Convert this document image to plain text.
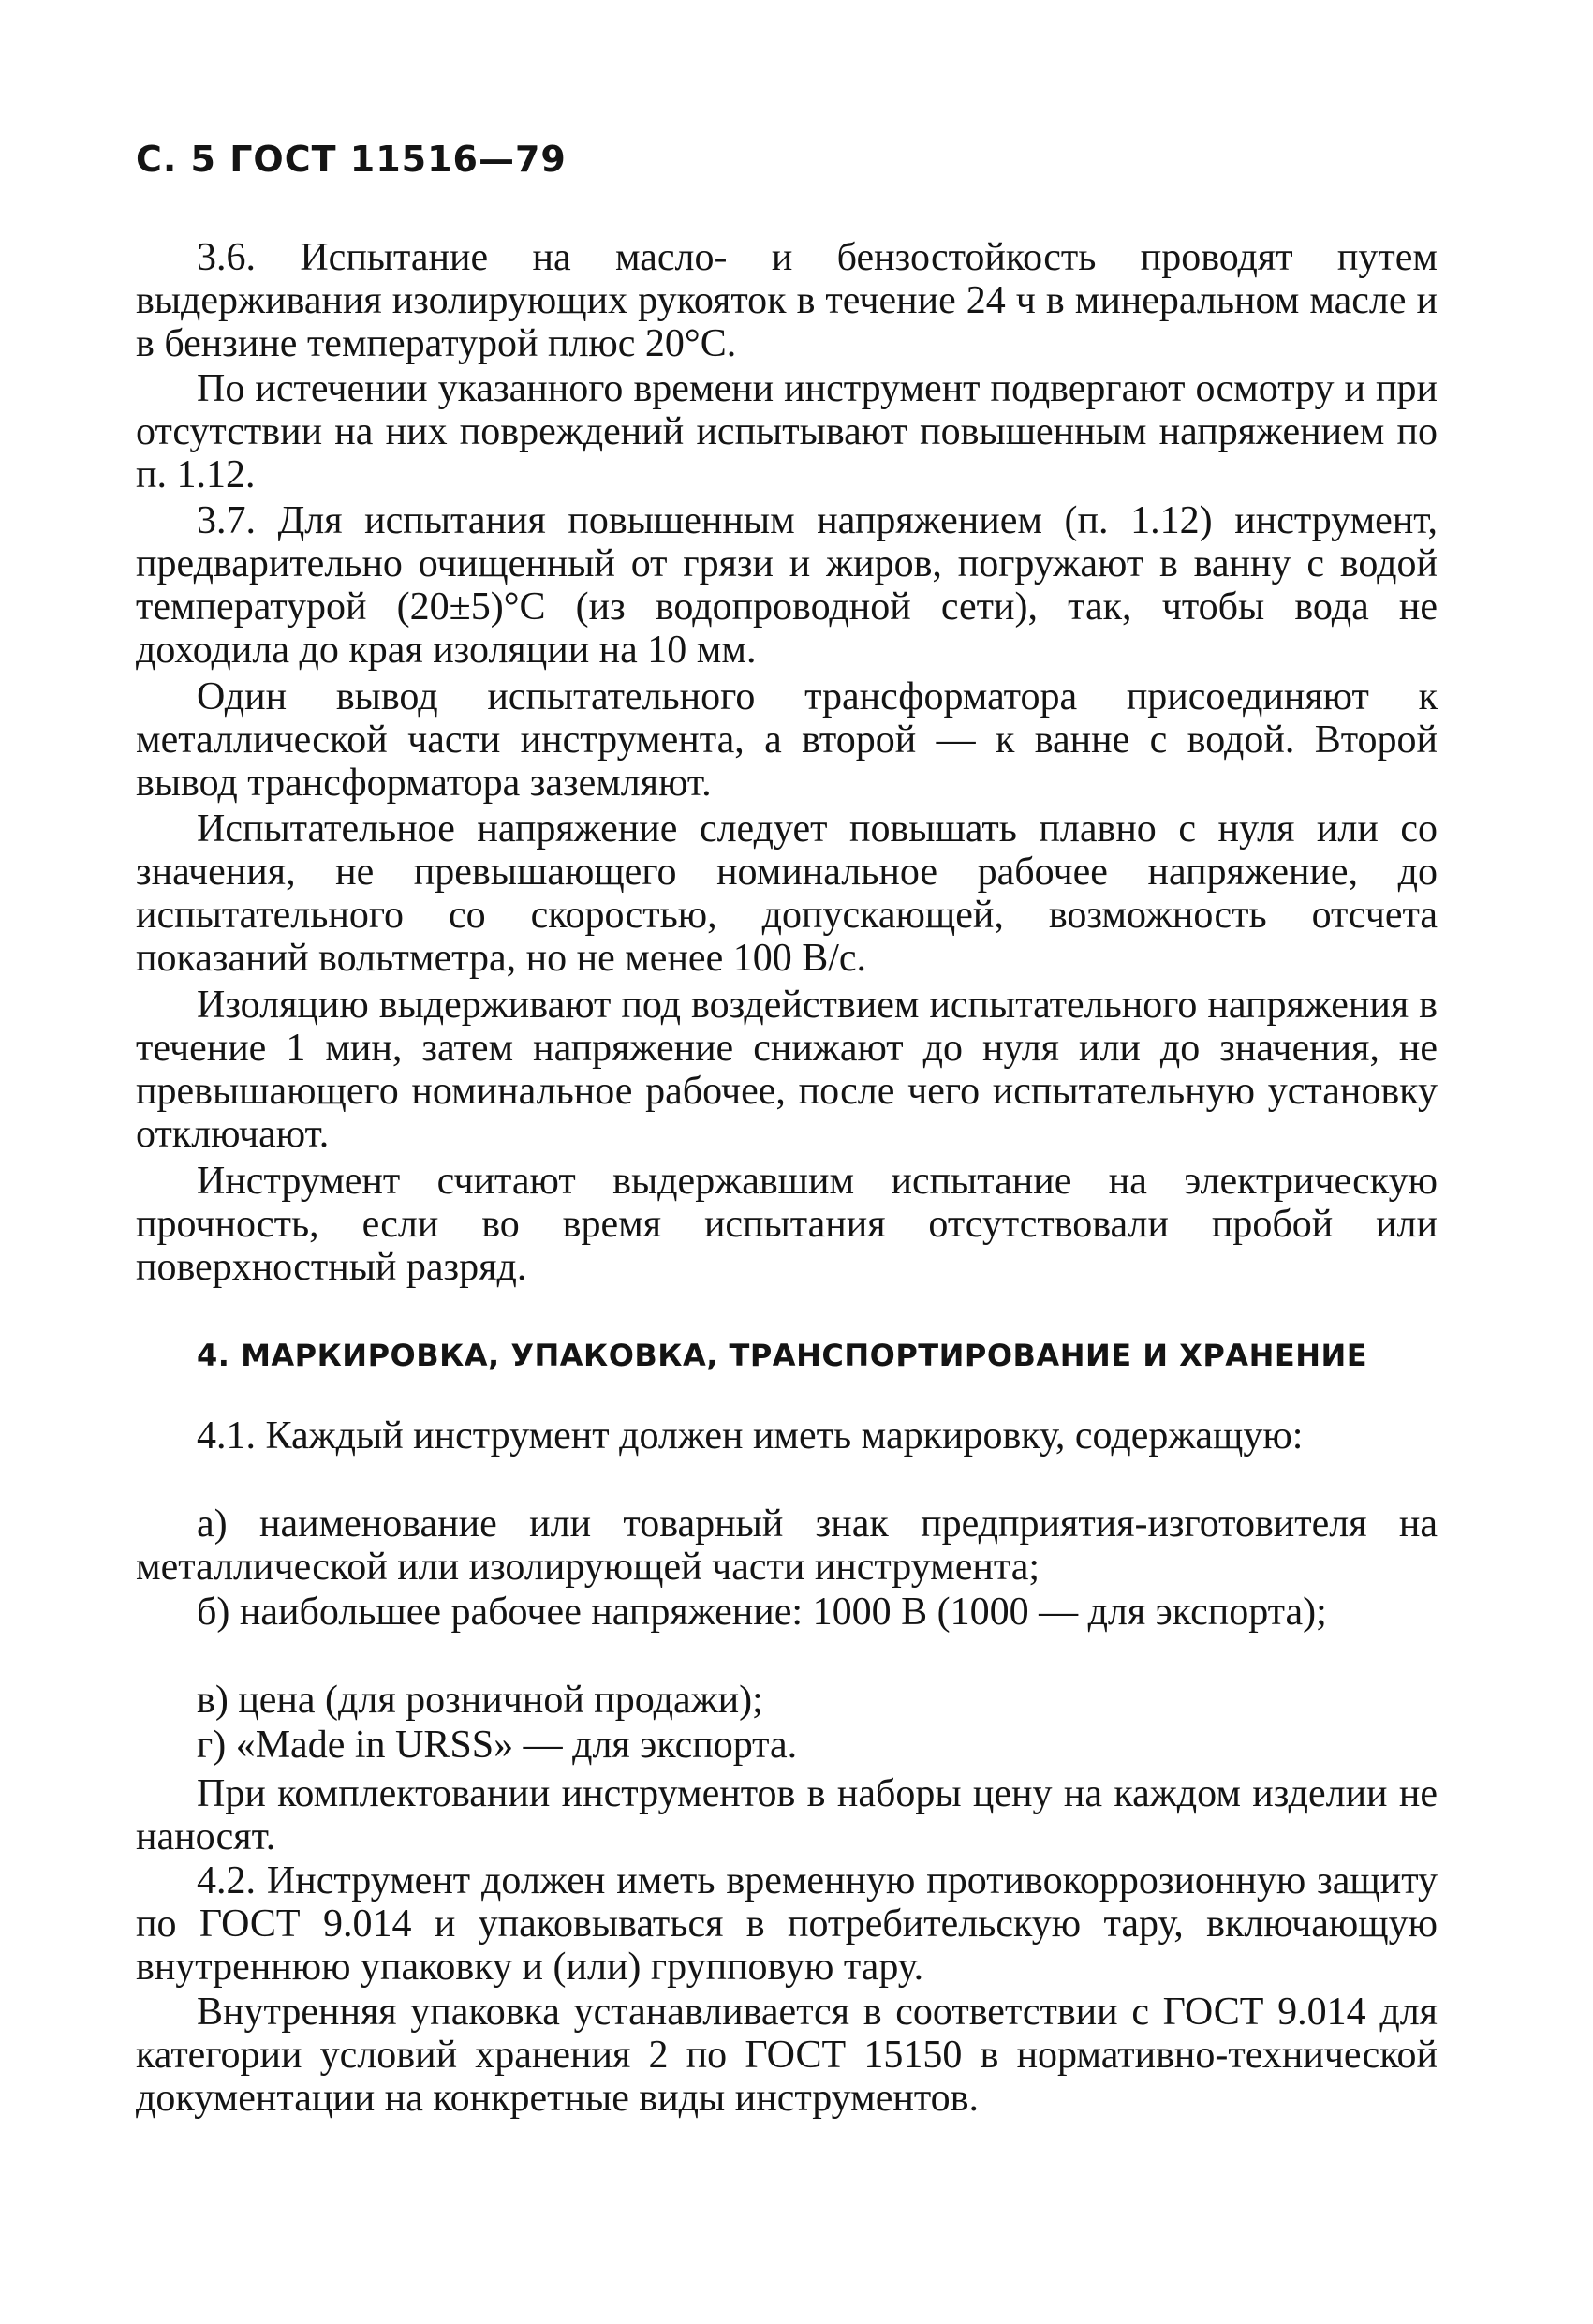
С. 5 ГОСТ 11516—79

3.6. Испытание на масло- и бензостойкость проводят путем выдерживания изолирующих рукояток в течение 24 ч в минеральном масле и в бензине температурой плюс 20°С.

По истечении указанного времени инструмент подвергают осмотру и при отсутствии на них повреждений испытывают повышенным напряжением по п. 1.12.

3.7. Для испытания повышенным напряжением (п. 1.12) инструмент, предварительно очищенный от грязи и жиров, погружают в ванну с водой температурой (20±5)°С (из водопроводной сети), так, чтобы вода не доходила до края изоляции на 10 мм.

Один вывод испытательного трансформатора присоединяют к металлической части инструмента, а второй — к ванне с водой. Второй вывод трансформатора заземляют.

Испытательное напряжение следует повышать плавно с нуля или со значения, не превышающего номинальное рабочее напряжение, до испытательного со скоростью, допускающей, возможность отсчета показаний вольтметра, но не менее 100 В/с.

Изоляцию выдерживают под воздействием испытательного напряжения в течение 1 мин, затем напряжение снижают до нуля или до значения, не превышающего номинальное рабочее, после чего испытательную установку отключают.

Инструмент считают выдержавшим испытание на электрическую прочность, если во время испытания отсутствовали пробой или поверхностный разряд.

4. МАРКИРОВКА, УПАКОВКА, ТРАНСПОРТИРОВАНИЕ И ХРАНЕНИЕ

4.1. Каждый инструмент должен иметь маркировку, содержащую:

а) наименование или товарный знак предприятия-изготовителя на металлической или изолирующей части инструмента;

б) наибольшее рабочее напряжение: 1000 В (1000 — для экспорта);

в) цена (для розничной продажи);

г) «Made in URSS» — для экспорта.

При комплектовании инструментов в наборы цену на каждом изделии не наносят.

4.2. Инструмент должен иметь временную противокоррозионную защиту по ГОСТ 9.014 и упаковываться в потребительскую тару, включающую внутреннюю упаковку и (или) групповую тару.

Внутренняя упаковка устанавливается в соответствии с ГОСТ 9.014 для категории условий хранения 2 по ГОСТ 15150 в нормативно-технической документации на конкретные виды инструментов.
